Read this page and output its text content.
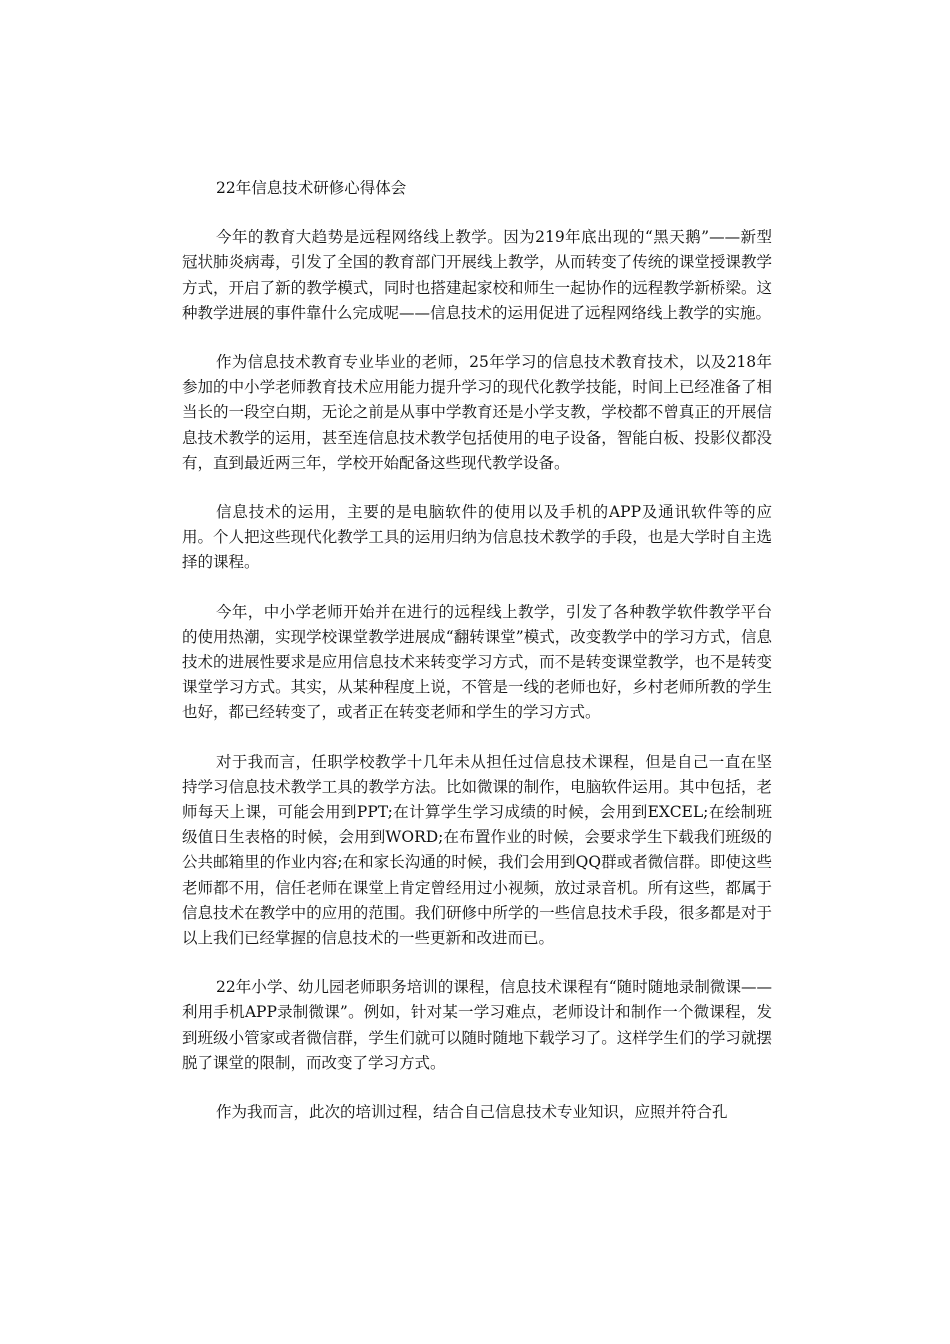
22年信息技术研修心得体会

今年的教育大趋势是远程网络线上教学。因为219年底出现的“黑天鹅”——新型冠状肺炎病毒，引发了全国的教育部门开展线上教学，从而转变了传统的课堂授课教学方式，开启了新的教学模式，同时也搭建起家校和师生一起协作的远程教学新桥梁。这种教学进展的事件靠什么完成呢——信息技术的运用促进了远程网络线上教学的实施。

作为信息技术教育专业毕业的老师，25年学习的信息技术教育技术，以及218年参加的中小学老师教育技术应用能力提升学习的现代化教学技能，时间上已经准备了相当长的一段空白期，无论之前是从事中学教育还是小学支教，学校都不曾真正的开展信息技术教学的运用，甚至连信息技术教学包括使用的电子设备，智能白板、投影仪都没有，直到最近两三年，学校开始配备这些现代教学设备。

信息技术的运用，主要的是电脑软件的使用以及手机的APP及通讯软件等的应用。个人把这些现代化教学工具的运用归纳为信息技术教学的手段，也是大学时自主选择的课程。

今年，中小学老师开始并在进行的远程线上教学，引发了各种教学软件教学平台的使用热潮，实现学校课堂教学进展成“翻转课堂”模式，改变教学中的学习方式，信息技术的进展性要求是应用信息技术来转变学习方式，而不是转变课堂教学，也不是转变课堂学习方式。其实，从某种程度上说，不管是一线的老师也好，乡村老师所教的学生也好，都已经转变了，或者正在转变老师和学生的学习方式。

对于我而言，任职学校教学十几年未从担任过信息技术课程，但是自己一直在坚持学习信息技术教学工具的教学方法。比如微课的制作，电脑软件运用。其中包括，老师每天上课，可能会用到PPT;在计算学生学习成绩的时候，会用到EXCEL;在绘制班级值日生表格的时候，会用到WORD;在布置作业的时候，会要求学生下载我们班级的公共邮箱里的作业内容;在和家长沟通的时候，我们会用到QQ群或者微信群。即使这些老师都不用，信任老师在课堂上肯定曾经用过小视频，放过录音机。所有这些，都属于信息技术在教学中的应用的范围。我们研修中所学的一些信息技术手段，很多都是对于以上我们已经掌握的信息技术的一些更新和改进而已。

22年小学、幼儿园老师职务培训的课程，信息技术课程有“随时随地录制微课——利用手机APP录制微课”。例如，针对某一学习难点，老师设计和制作一个微课程，发到班级小管家或者微信群，学生们就可以随时随地下载学习了。这样学生们的学习就摆脱了课堂的限制，而改变了学习方式。

作为我而言，此次的培训过程，结合自己信息技术专业知识，应照并符合孔
